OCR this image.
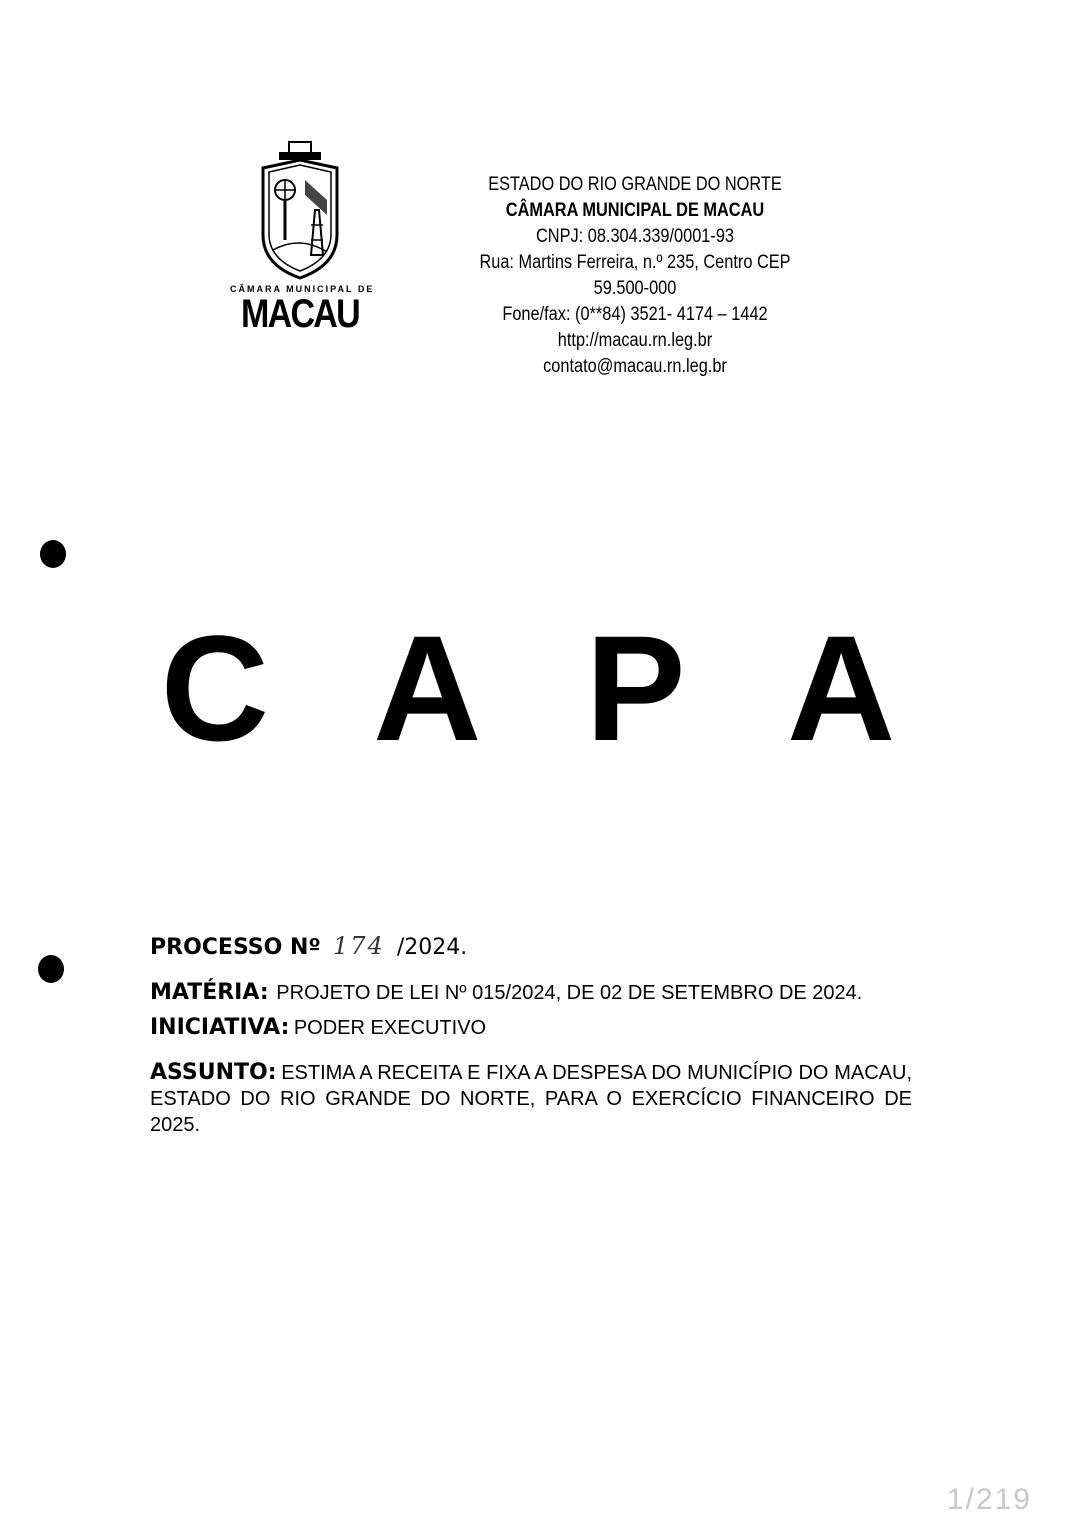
CÂMARA MUNICIPAL DE
MACAU
ESTADO DO RIO GRANDE DO NORTE
CÂMARA MUNICIPAL DE MACAU
CNPJ: 08.304.339/0001-93
Rua: Martins Ferreira, n.º 235, Centro CEP 59.500-000
Fone/fax: (0**84) 3521- 4174 – 1442
http://macau.rn.leg.br
contato@macau.rn.leg.br
C A P A
PROCESSO Nº 174 /2024.
MATÉRIA: PROJETO DE LEI Nº 015/2024, DE 02 DE SETEMBRO DE 2024.
INICIATIVA: PODER EXECUTIVO
ASSUNTO: ESTIMA A RECEITA E FIXA A DESPESA DO MUNICÍPIO DO MACAU, ESTADO DO RIO GRANDE DO NORTE, PARA O EXERCÍCIO FINANCEIRO DE 2025.
1/219
